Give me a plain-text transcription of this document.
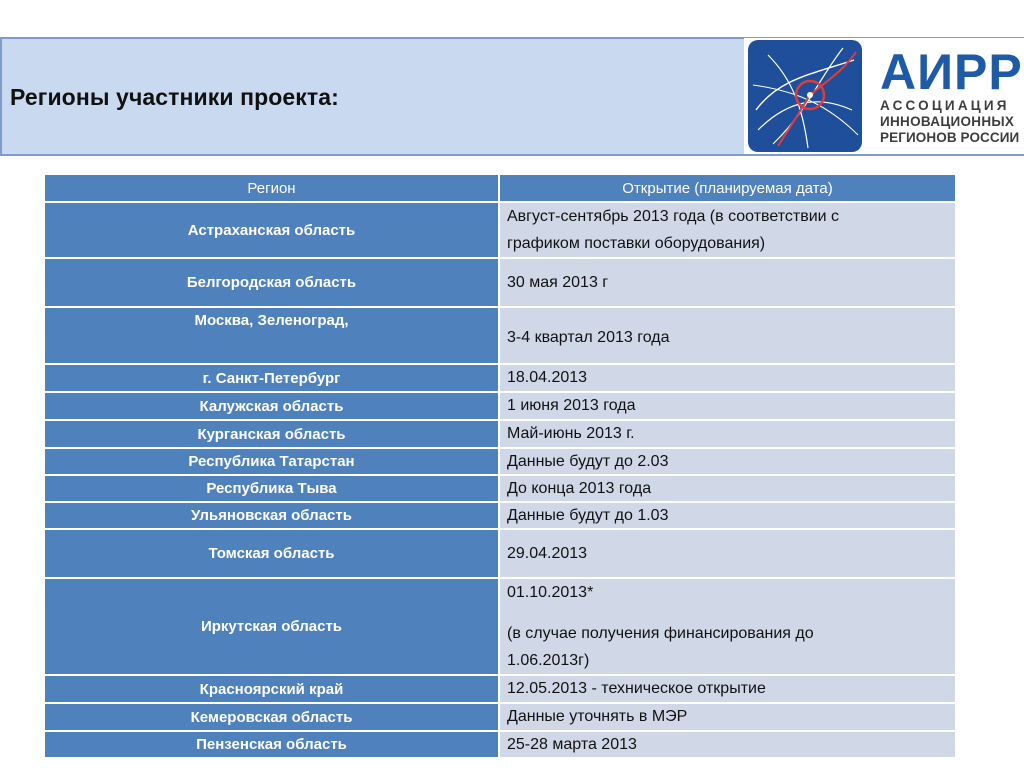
Регионы участники проекта:	АИРР
АССОЦИАЦИЯ
ИННОВАЦИОННЫХ
РЕГИОНОВ РОССИИ
Регион	Открытие (планируемая дата)
Астраханская область	Август-сентябрь 2013 года (в соответствии с
графиком поставки оборудования)

Белгородская область	30 мая 2013 г
Москва, Зеленоград,	3-4 квартал 2013 года
г. Санкт-Петербург	18.04.2013
Калужская область	1 июня 2013 года
Курганская область	Май-июнь 2013 г.
Республика Татарстан	Данные будут до 2.03
Республика Тыва	До конца 2013 года
Ульяновская область	Данные будут до 1.03
Томская область	29.04.2013
Иркутская область	01.10.2013*
(в случае получения финансирования до
1.06.2013г)

Красноярский край	12.05.2013 - техническое открытие
Кемеровская область	Данные уточнять в МЭР
Пензенская область	25-28 марта 2013
